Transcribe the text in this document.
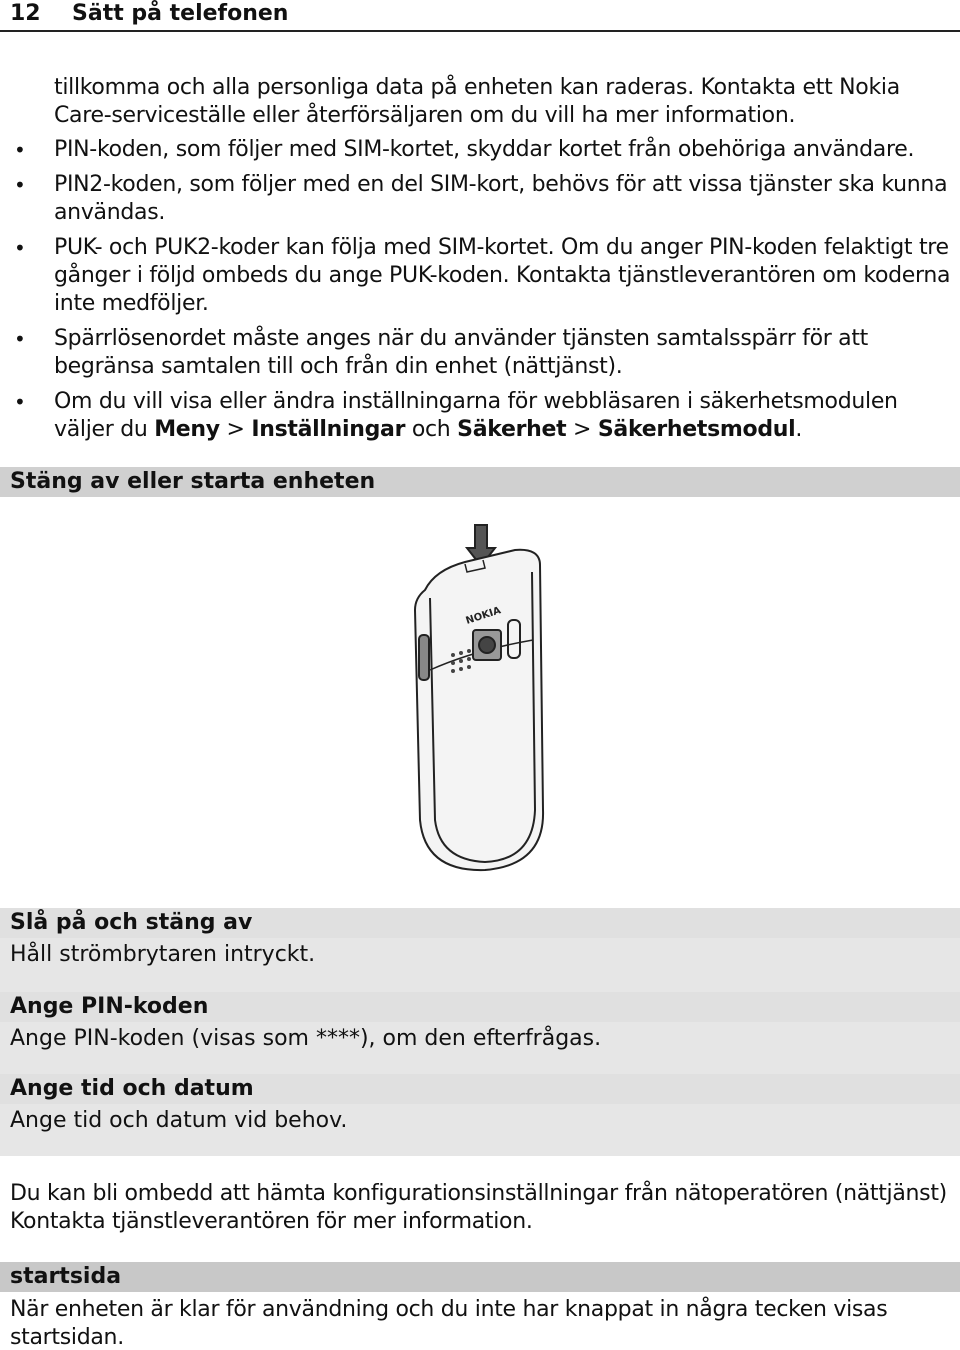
12 Sätt på telefonen

tillkomma och alla personliga data på enheten kan raderas. Kontakta ett Nokia Care-serviceställe eller återförsäljaren om du vill ha mer information.

• PIN-koden, som följer med SIM-kortet, skyddar kortet från obehöriga användare.
• PIN2-koden, som följer med en del SIM-kort, behövs för att vissa tjänster ska kunna användas.
• PUK- och PUK2-koder kan följa med SIM-kortet. Om du anger PIN-koden felaktigt tre gånger i följd ombeds du ange PUK-koden. Kontakta tjänstleverantören om koderna inte medföljer.
• Spärrlösenordet måste anges när du använder tjänsten samtalsspärr för att begränsa samtalen till och från din enhet (nättjänst).
• Om du vill visa eller ändra inställningarna för webbläsaren i säkerhetsmodulen väljer du Meny > Inställningar och Säkerhet > Säkerhetsmodul.
Stäng av eller starta enheten
NOKIA
Slå på och stäng av
Håll strömbrytaren intryckt.
Ange PIN-koden
Ange PIN-koden (visas som ****), om den efterfrågas.
Ange tid och datum
Ange tid och datum vid behov.

Du kan bli ombedd att hämta konfigurationsinställningar från nätoperatören (nättjänst) Kontakta tjänstleverantören för mer information.

startsida

När enheten är klar för användning och du inte har knappat in några tecken visas startsidan.
